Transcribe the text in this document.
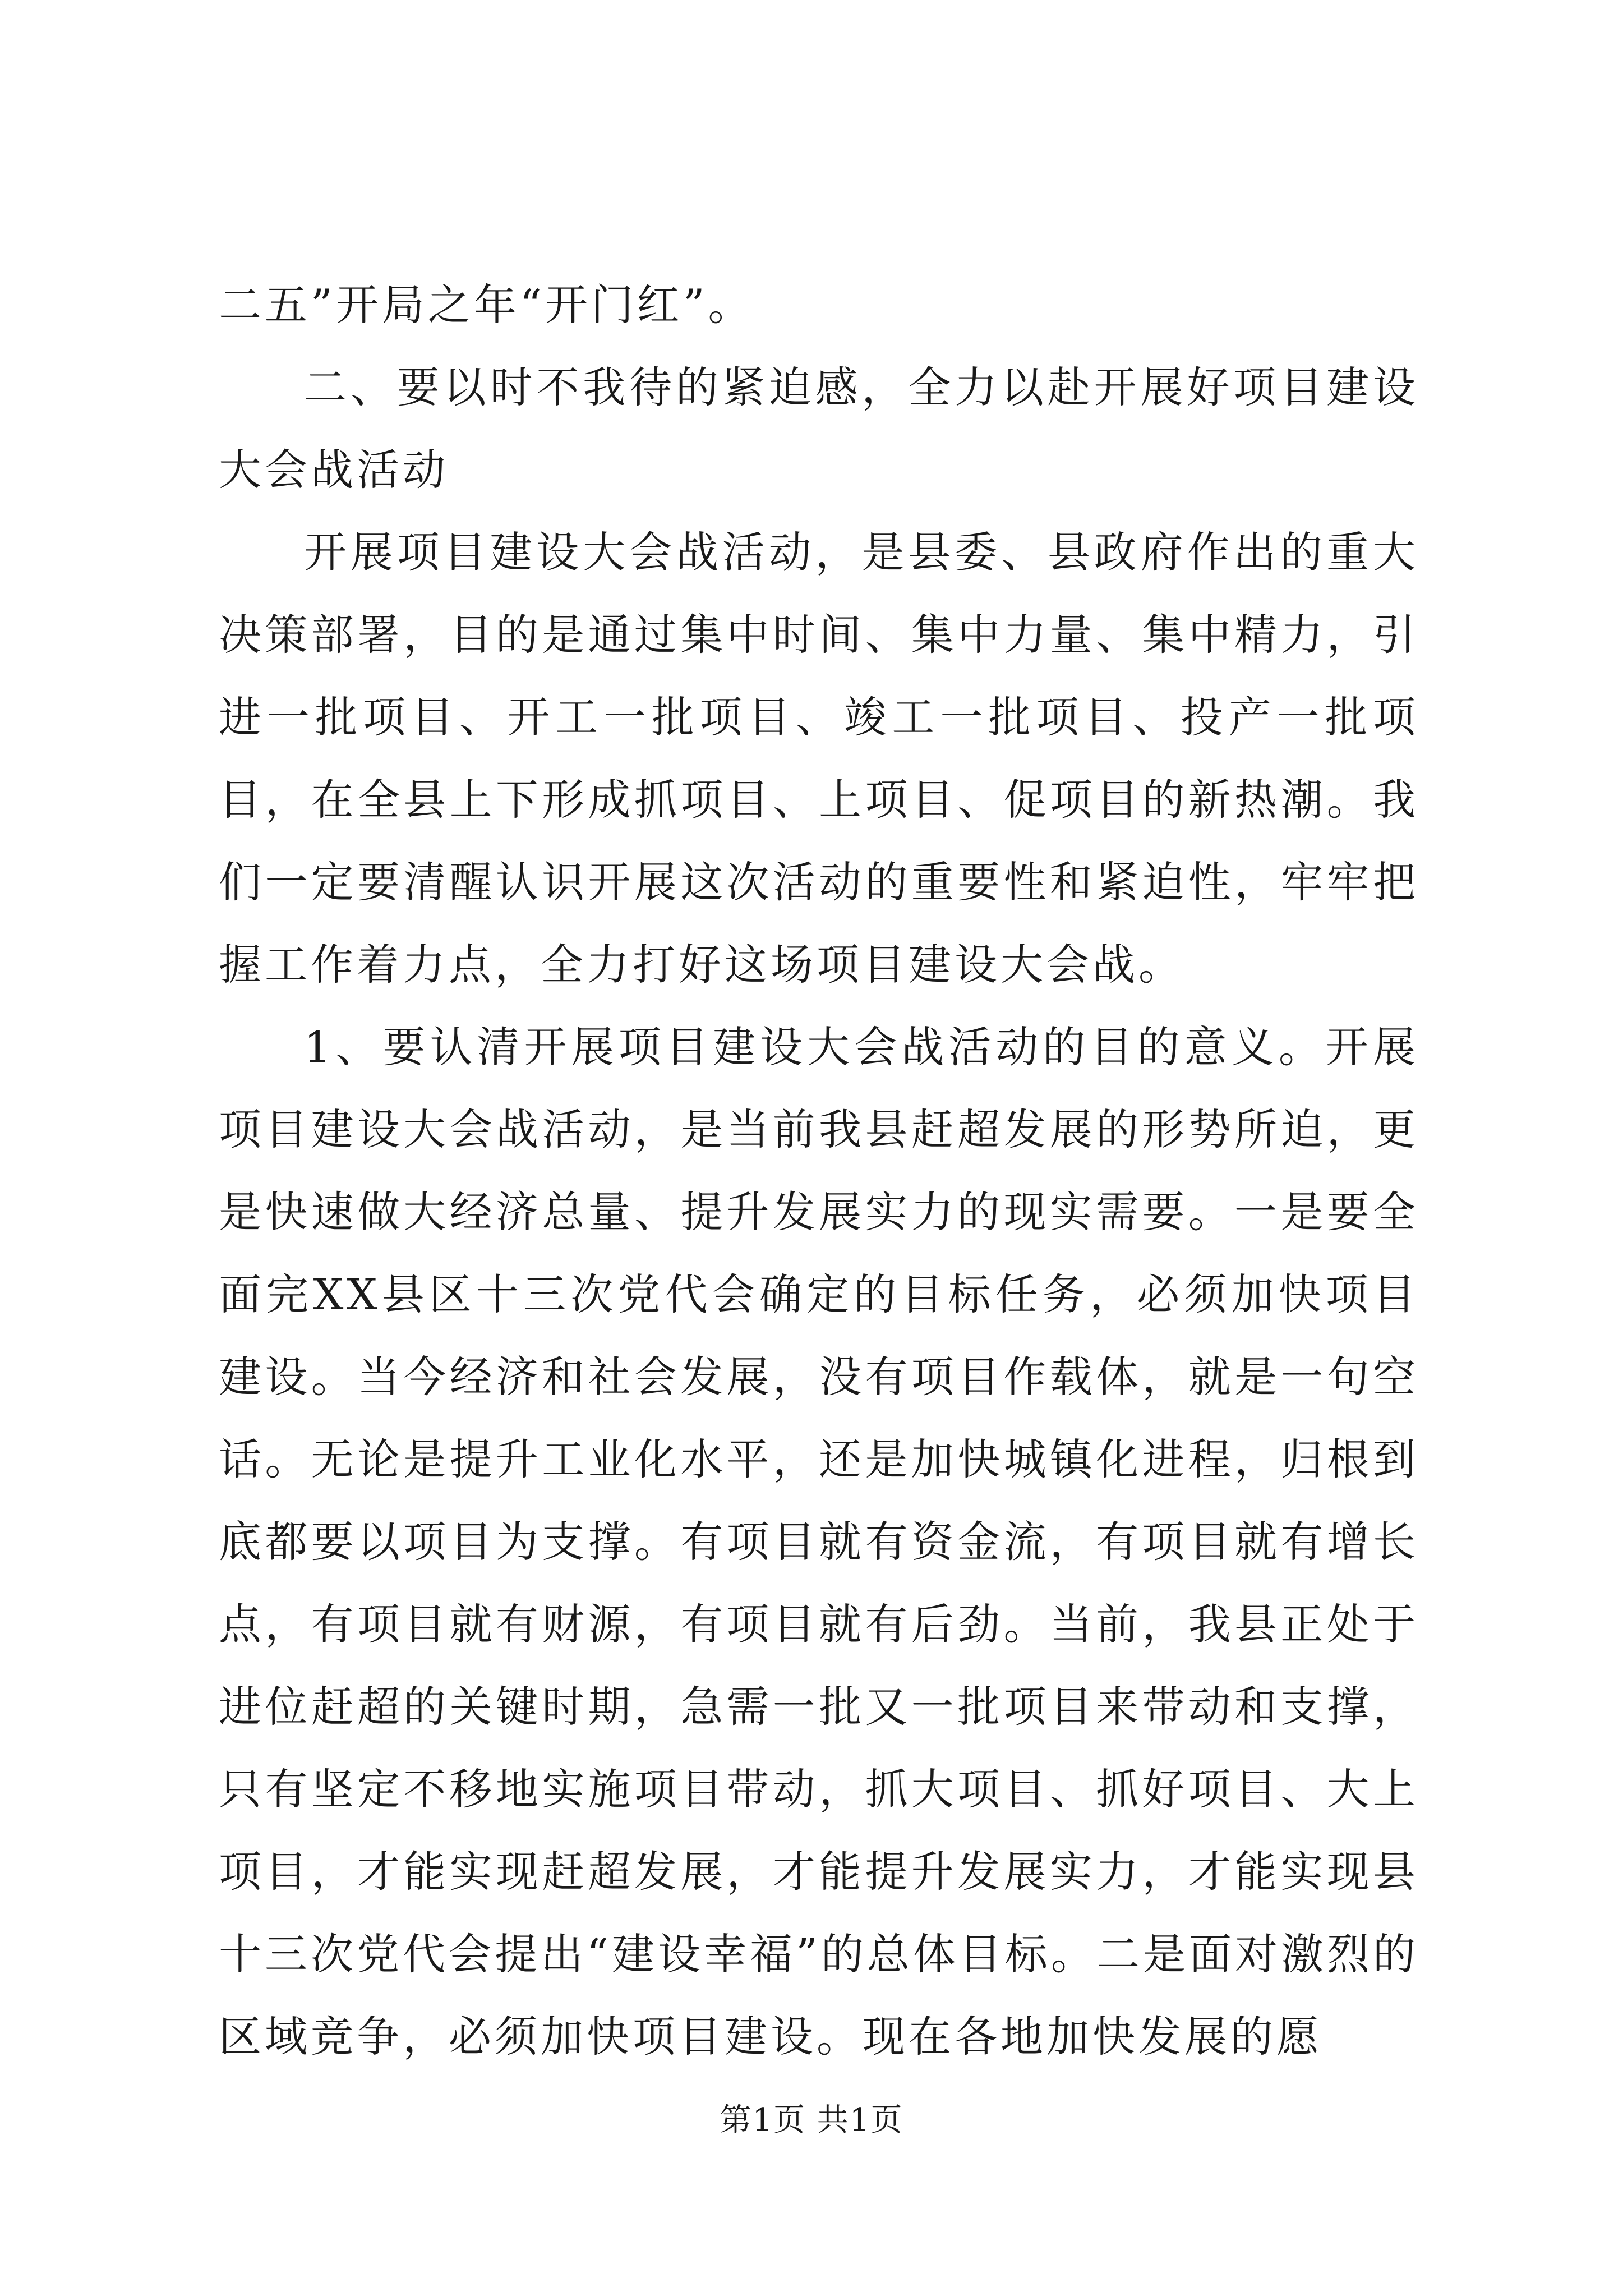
二五”开局之年“开门红”。

二、要以时不我待的紧迫感，全力以赴开展好项目建设大会战活动

开展项目建设大会战活动，是县委、县政府作出的重大决策部署，目的是通过集中时间、集中力量、集中精力，引进一批项目、开工一批项目、竣工一批项目、投产一批项目，在全县上下形成抓项目、上项目、促项目的新热潮。我们一定要清醒认识开展这次活动的重要性和紧迫性，牢牢把握工作着力点，全力打好这场项目建设大会战。

1、要认清开展项目建设大会战活动的目的意义。开展项目建设大会战活动，是当前我县赶超发展的形势所迫，更是快速做大经济总量、提升发展实力的现实需要。一是要全面完XX县区十三次党代会确定的目标任务，必须加快项目建设。当今经济和社会发展，没有项目作载体，就是一句空话。无论是提升工业化水平，还是加快城镇化进程，归根到底都要以项目为支撑。有项目就有资金流，有项目就有增长点，有项目就有财源，有项目就有后劲。当前，我县正处于进位赶超的关键时期，急需一批又一批项目来带动和支撑，只有坚定不移地实施项目带动，抓大项目、抓好项目、大上项目，才能实现赶超发展，才能提升发展实力，才能实现县十三次党代会提出“建设幸福”的总体目标。二是面对激烈的区域竞争，必须加快项目建设。现在各地加快发展的愿

第1页 共1页
